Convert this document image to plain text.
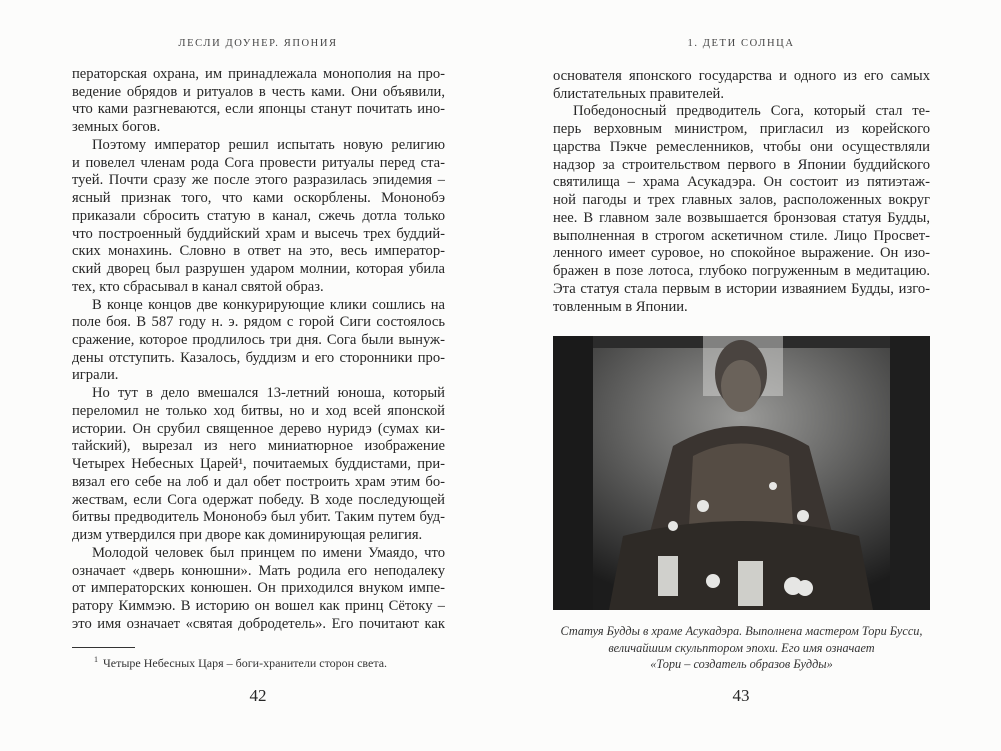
ЛЕСЛИ ДОУНЕР. ЯПОНИЯ	1. ДЕТИ СОЛНЦА
ператорская охрана, им принадлежала монополия на про-
ведение обрядов и ритуалов в честь ками. Они объявили,
что ками разгневаются, если японцы станут почитать ино-
земных богов.
Поэтому император решил испытать новую религию
и повелел членам рода Сога провести ритуалы перед ста-
туей. Почти сразу же после этого разразилась эпидемия –
ясный признак того, что ками оскорблены. Мононобэ
приказали сбросить статую в канал, сжечь дотла только
что построенный буддийский храм и высечь трех буддий-
ских монахинь. Словно в ответ на это, весь император-
ский дворец был разрушен ударом молнии, которая убила
тех, кто сбрасывал в канал святой образ.
В конце концов две конкурирующие клики сошлись на
поле боя. В 587 году н. э. рядом с горой Сиги состоялось
сражение, которое продлилось три дня. Сога были вынуж-
дены отступить. Казалось, буддизм и его сторонники про-
играли.
Но тут в дело вмешался 13-летний юноша, который
переломил не только ход битвы, но и ход всей японской
истории. Он срубил священное дерево нуридэ (сумах ки-
тайский), вырезал из него миниатюрное изображение
Четырех Небесных Царей¹, почитаемых буддистами, при-
вязал его себе на лоб и дал обет построить храм этим бо-
жествам, если Сога одержат победу. В ходе последующей
битвы предводитель Мононобэ был убит. Таким путем буд-
дизм утвердился при дворе как доминирующая религия.
Молодой человек был принцем по имени Умаядо, что
означает «дверь конюшни». Мать родила его неподалеку
от императорских конюшен. Он приходился внуком импе-
ратору Киммэю. В историю он вошел как принц Сётоку –
это имя означает «святая добродетель». Его почитают как
основателя японского государства и одного из его самых
блистательных правителей.
Победоносный предводитель Сога, который стал те-
перь верховным министром, пригласил из корейского
царства Пэкче ремесленников, чтобы они осуществляли
надзор за строительством первого в Японии буддийского
святилища – храма Асукадэра. Он состоит из пятиэтаж-
ной пагоды и трех главных залов, расположенных вокруг
нее. В главном зале возвышается бронзовая статуя Будды,
выполненная в строгом аскетичном стиле. Лицо Просвет-
ленного имеет суровое, но спокойное выражение. Он изо-
бражен в позе лотоса, глубоко погруженным в медитацию.
Эта статуя стала первым в истории изваянием Будды, изго-
товленным в Японии.
$^1$ Четыре Небесных Царя – боги-хранители сторон света.
42	43
Статуя Будды в храме Асукадэра. Выполнена мастером Тори Бусси,
величайшим скульптором эпохи. Его имя означает
«Тори – создатель образов Будды»
